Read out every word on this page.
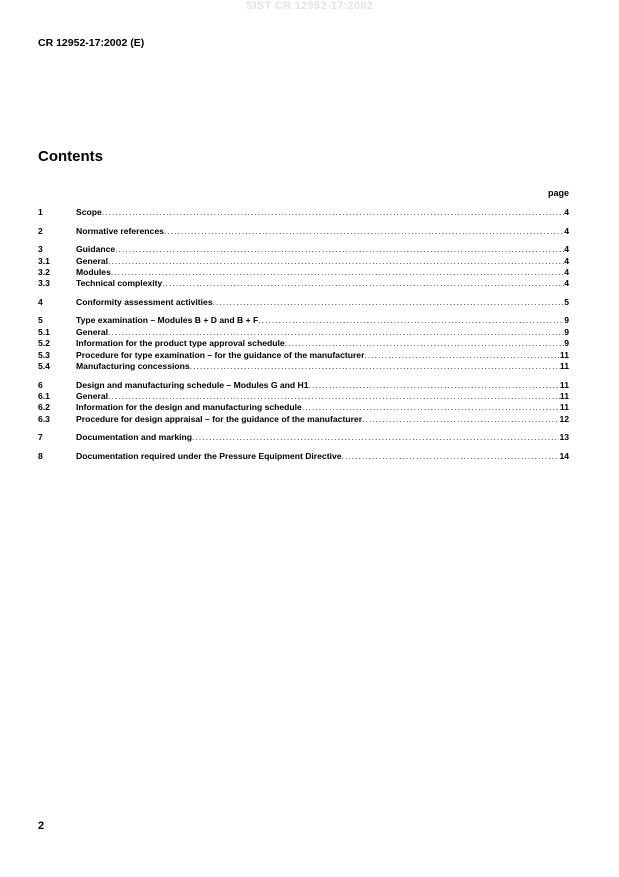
SIST CR 12952-17:2002
CR 12952-17:2002 (E)
Contents
page
1	Scope .....	4
2	Normative references .....	4
3	Guidance .....	4
3.1	General .....	4
3.2	Modules .....	4
3.3	Technical complexity .....	4
4	Conformity assessment activities .....	5
5	Type examination – Modules B + D and B + F .....	9
5.1	General .....	9
5.2	Information for the product type approval schedule .....	9
5.3	Procedure for type examination – for the guidance of the manufacturer .....	11
5.4	Manufacturing concessions .....	11
6	Design and manufacturing schedule – Modules G and H1 .....	11
6.1	General .....	11
6.2	Information for the design and manufacturing schedule .....	11
6.3	Procedure for design appraisal – for the guidance of the manufacturer .....	12
7	Documentation and marking .....	13
8	Documentation required under the Pressure Equipment Directive .....	14
2
